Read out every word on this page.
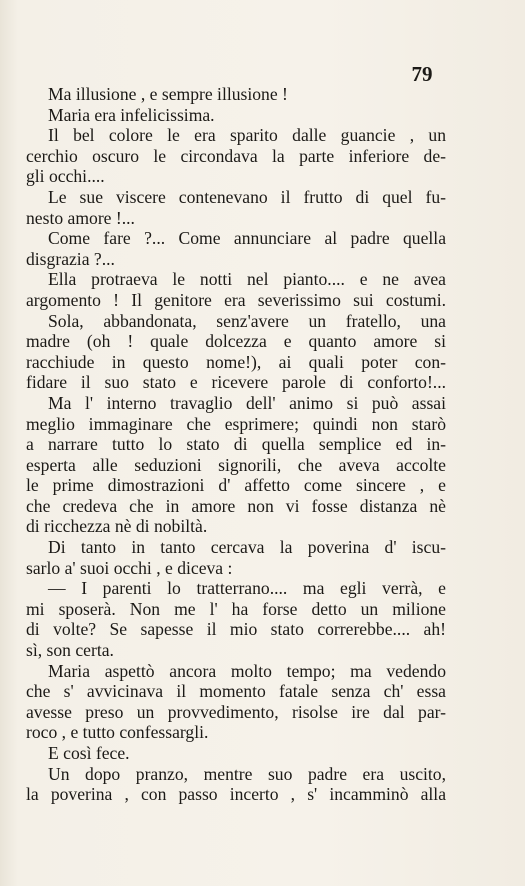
79
Ma illusione , e sempre illusione !
Maria era infelicissima.
Il bel colore le era sparito dalle guancie , un
cerchio oscuro le circondava la parte inferiore de-
gli occhi....
Le sue viscere contenevano il frutto di quel fu-
nesto amore !...
Come fare ?... Come annunciare al padre quella
disgrazia ?...
Ella protraeva le notti nel pianto.... e ne avea
argomento ! Il genitore era severissimo sui costumi.
Sola, abbandonata, senz'avere un fratello, una
madre (oh ! quale dolcezza e quanto amore si
racchiude in questo nome!), ai quali poter con-
fidare il suo stato e ricevere parole di conforto!...
Ma l' interno travaglio dell' animo si può assai
meglio immaginare che esprimere; quindi non starò
a narrare tutto lo stato di quella semplice ed in-
esperta alle seduzioni signorili, che aveva accolte
le prime dimostrazioni d' affetto come sincere , e
che credeva che in amore non vi fosse distanza nè
di ricchezza nè di nobiltà.
Di tanto in tanto cercava la poverina d' iscu-
sarlo a' suoi occhi , e diceva :
— I parenti lo tratterrano.... ma egli verrà, e
mi sposerà. Non me l' ha forse detto un milione
di volte? Se sapesse il mio stato correrebbe.... ah!
sì, son certa.
Maria aspettò ancora molto tempo; ma vedendo
che s' avvicinava il momento fatale senza ch' essa
avesse preso un provvedimento, risolse ire dal par-
roco , e tutto confessargli.
E così fece.
Un dopo pranzo, mentre suo padre era uscito,
la poverina , con passo incerto , s' incamminò alla
